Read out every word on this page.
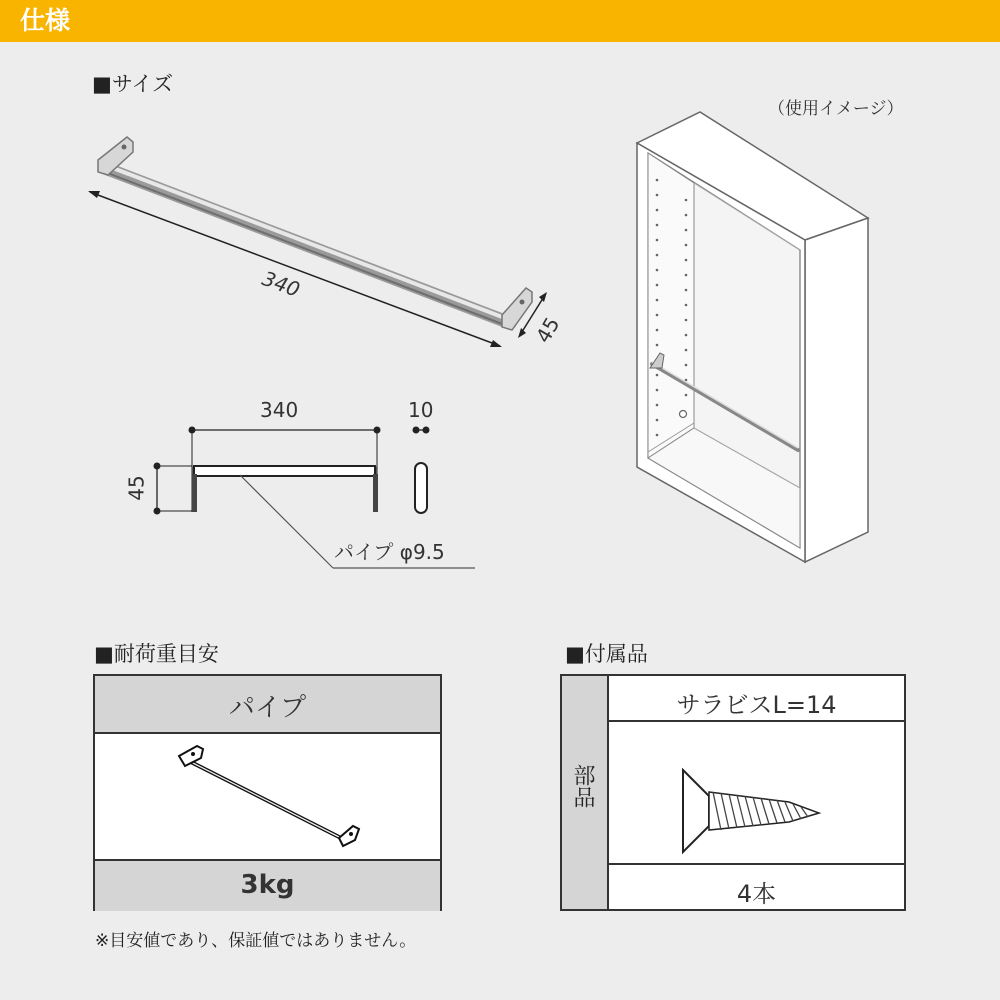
仕様
■サイズ
340
45
340	10
45
パイプ φ9.5
（使用イメージ）
■耐荷重目安
パイプ
3kg
※目安値であり、保証値ではありません。
■付属品
部品
サラビスL=14
4本
